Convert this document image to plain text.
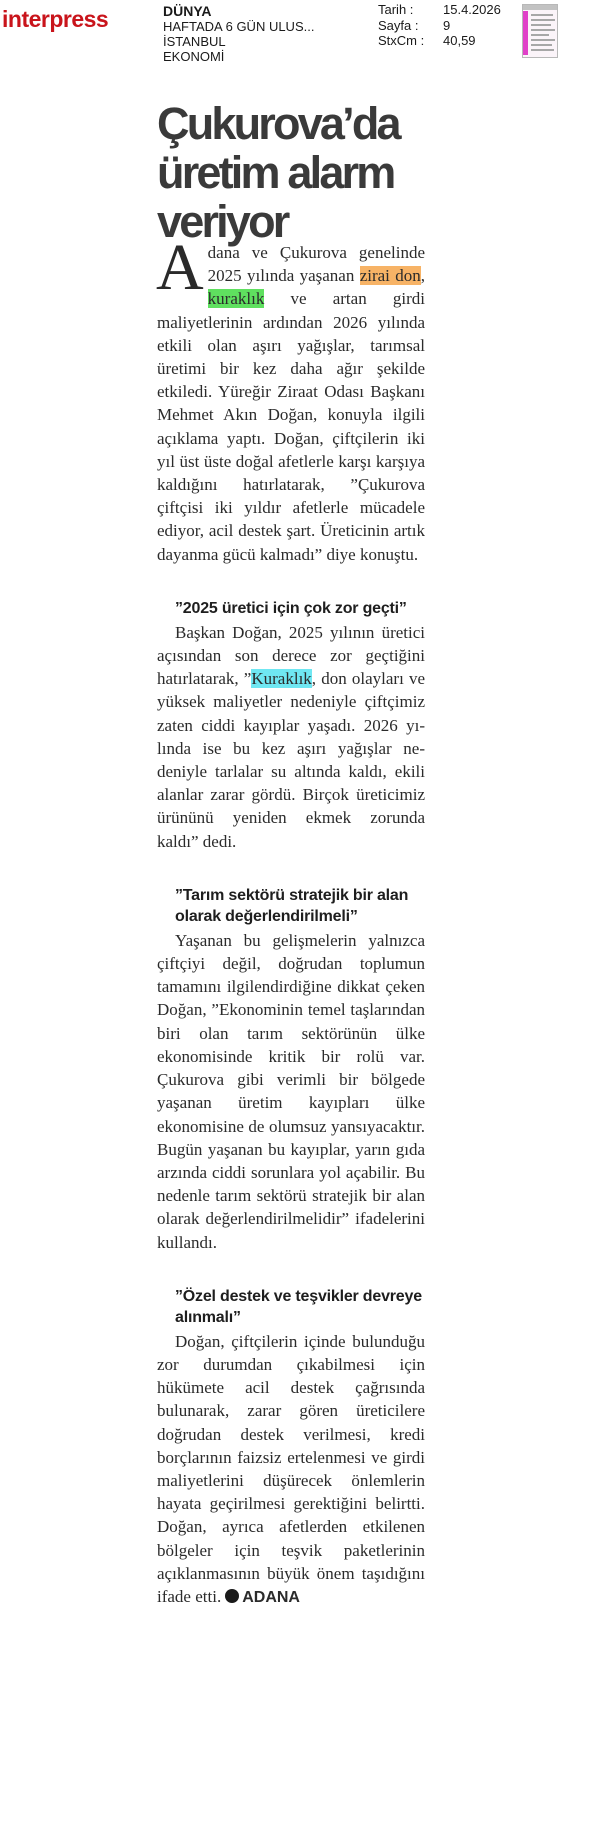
interpress	DÜNYA
HAFTADA 6 GÜN ULUS...
İSTANBUL
EKONOMİ
Tarih :	15.4.2026
Sayfa :	9
StxCm :	40,59
Çukurova’da
üretim alarm
veriyor

Adana ve Çukurova genelinde 2025 yılında yaşanan zirai don, kuraklık ve artan girdi maliyetlerinin ardından 2026 yılında etkili olan aşırı yağışlar, tarımsal üretimi bir kez daha ağır şekilde etkiledi. Yüreğir Ziraat Odası Başkanı Mehmet Akın Doğan, konuyla ilgili açıklama yaptı. Doğan, çiftçilerin iki yıl üst üste doğal afetlerle karşı karşıya kaldığını hatırlatarak, ”Çukurova çiftçisi iki yıldır afetlerle mücadele ediyor, acil destek şart. Üreticinin artık dayanma gücü kalmadı” diye konuştu.

”2025 üretici için çok zor geçti”

Başkan Doğan, 2025 yılının üretici açısından son derece zor geçtiğini hatırlatarak, ”Kuraklık, don olayları ve yüksek maliyetler nedeniyle çiftçimiz zaten ciddi kayıplar yaşadı. 2026 yılında ise bu kez aşırı yağışlar nedeniyle tarlalar su altında kaldı, ekili alanlar zarar gördü. Birçok üreticimiz ürününü yeniden ekmek zorunda kaldı” dedi.

”Tarım sektörü stratejik bir alan olarak değerlendirilmeli”

Yaşanan bu gelişmelerin yalnızca çiftçiyi değil, doğrudan toplumun tamamını ilgilendirdiğine dikkat çeken Doğan, ”Ekonominin temel taşlarından biri olan tarım sektörünün ülke ekonomisinde kritik bir rolü var. Çukurova gibi verimli bir bölgede yaşanan üretim kayıpları ülke ekonomisine de olumsuz yansıyacaktır. Bugün yaşanan bu kayıplar, yarın gıda arzında ciddi sorunlara yol açabilir. Bu nedenle tarım sektörü stratejik bir alan olarak değerlendirilmelidir” ifadelerini kullandı.

”Özel destek ve teşvikler devreye alınmalı”

Doğan, çiftçilerin içinde bulunduğu zor durumdan çıkabilmesi için hükümete acil destek çağrısında bulunarak, zarar gören üreticilere doğrudan destek verilmesi, kredi borçlarının faizsiz ertelenmesi ve girdi maliyetlerini düşürecek önlemlerin hayata geçirilmesi gerektiğini belirtti. Doğan, ayrıca afetlerden etkilenen bölgeler için teşvik paketlerinin açıklanmasının büyük önem taşıdığını ifade etti. ADANA
